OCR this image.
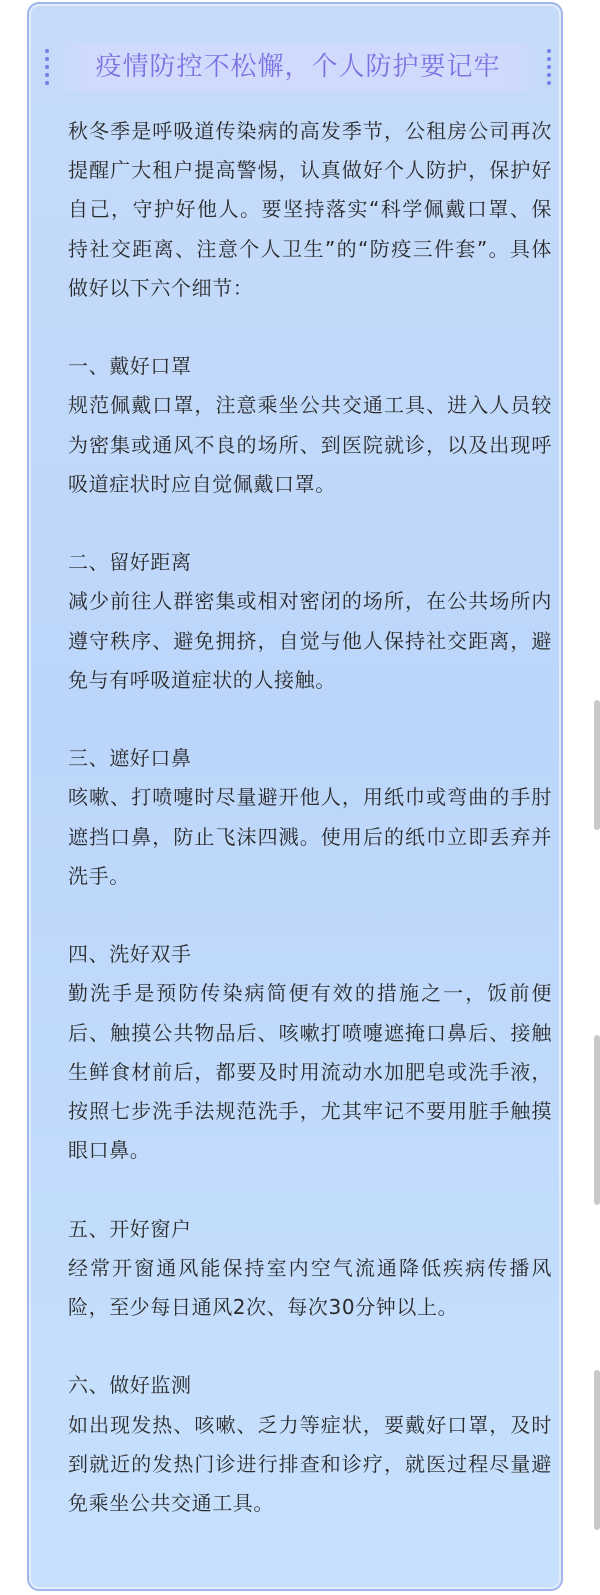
疫情防控不松懈，个人防护要记牢

秋冬季是呼吸道传染病的高发季节，公租房公司再次提醒广大租户提高警惕，认真做好个人防护，保护好自己，守护好他人。要坚持落实“科学佩戴口罩、保持社交距离、注意个人卫生”的“防疫三件套”。具体做好以下六个细节：

一、戴好口罩

规范佩戴口罩，注意乘坐公共交通工具、进入人员较为密集或通风不良的场所、到医院就诊，以及出现呼吸道症状时应自觉佩戴口罩。

二、留好距离

减少前往人群密集或相对密闭的场所，在公共场所内遵守秩序、避免拥挤，自觉与他人保持社交距离，避免与有呼吸道症状的人接触。

三、遮好口鼻

咳嗽、打喷嚏时尽量避开他人，用纸巾或弯曲的手肘遮挡口鼻，防止飞沫四溅。使用后的纸巾立即丢弃并洗手。

四、洗好双手

勤洗手是预防传染病简便有效的措施之一，饭前便后、触摸公共物品后、咳嗽打喷嚏遮掩口鼻后、接触生鲜食材前后，都要及时用流动水加肥皂或洗手液，按照七步洗手法规范洗手，尤其牢记不要用脏手触摸眼口鼻。

五、开好窗户

经常开窗通风能保持室内空气流通降低疾病传播风险，至少每日通风2次、每次30分钟以上。

六、做好监测

如出现发热、咳嗽、乏力等症状，要戴好口罩，及时到就近的发热门诊进行排查和诊疗，就医过程尽量避免乘坐公共交通工具。
